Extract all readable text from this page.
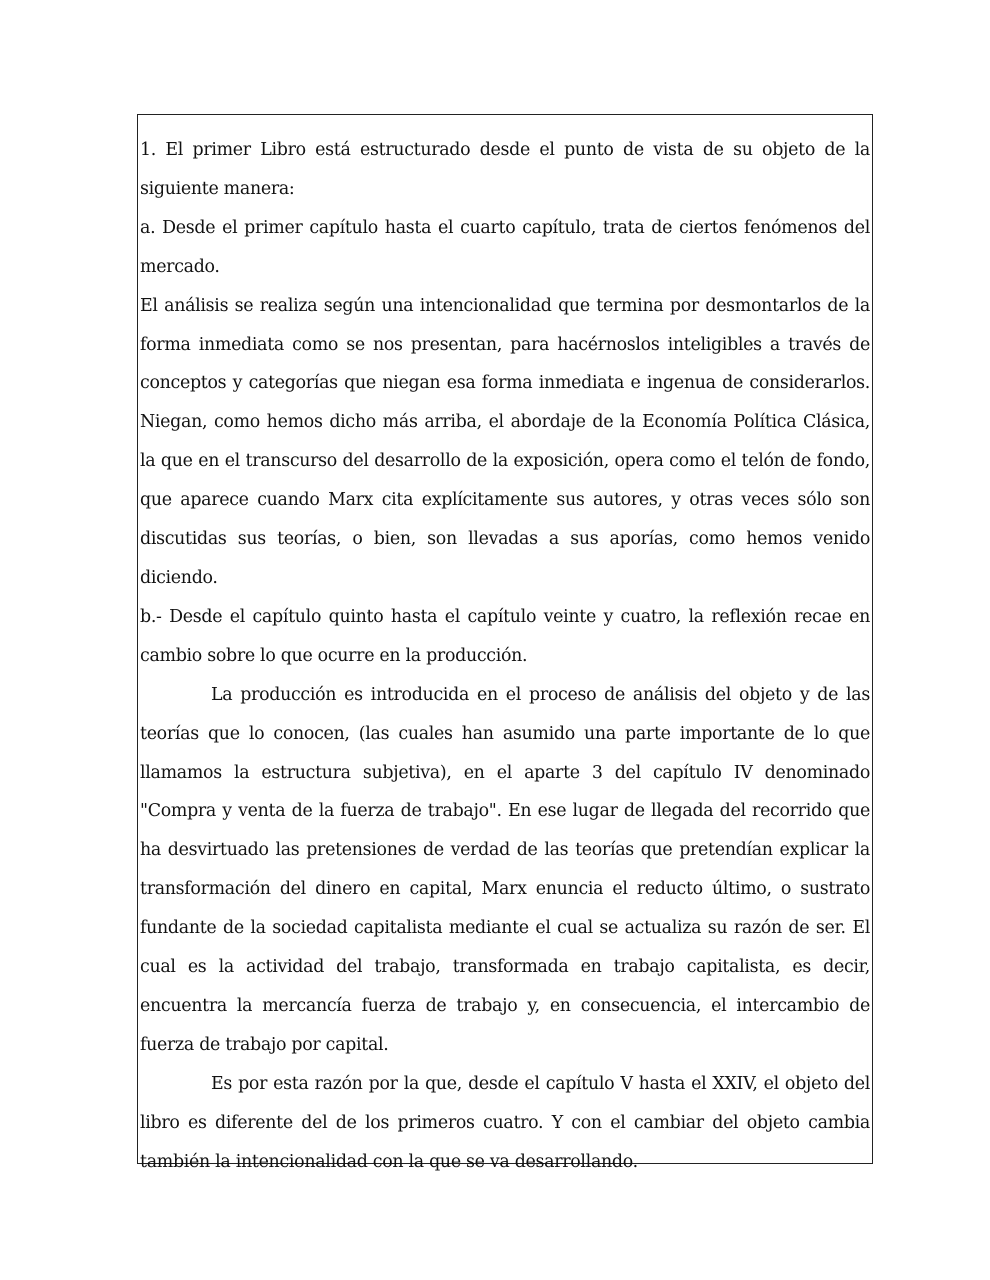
1. El primer Libro está estructurado desde el punto de vista de su objeto de la siguiente manera:

a. Desde el primer capítulo hasta el cuarto capítulo, trata de ciertos fenómenos del mercado.

El análisis se realiza según una intencionalidad que termina por desmontarlos de la forma inmediata como se nos presentan, para hacérnoslos inteligibles a través de conceptos y categorías que niegan esa forma inmediata e ingenua de considerarlos. Niegan, como hemos dicho más arriba, el abordaje de la Economía Política Clásica, la que en el transcurso del desarrollo de la exposición, opera como el telón de fondo, que aparece cuando Marx cita explícitamente sus autores, y otras veces sólo son discutidas sus teorías, o bien, son llevadas a sus aporías, como hemos venido diciendo.

b.- Desde el capítulo quinto hasta el capítulo veinte y cuatro, la reflexión recae en cambio sobre lo que ocurre en la producción.

La producción es introducida en el proceso de análisis del objeto y de las teorías que lo conocen, (las cuales han asumido una parte importante de lo que llamamos la estructura subjetiva), en el aparte 3 del capítulo IV denominado "Compra y venta de la fuerza de trabajo". En ese lugar de llegada del recorrido que ha desvirtuado las pretensiones de verdad de las teorías que pretendían explicar la transformación del dinero en capital, Marx enuncia el reducto último, o sustrato fundante de la sociedad capitalista mediante el cual se actualiza su razón de ser. El cual es la actividad del trabajo, transformada en trabajo capitalista, es decir, encuentra la mercancía fuerza de trabajo y, en consecuencia, el intercambio de fuerza de trabajo por capital.

Es por esta razón por la que, desde el capítulo V hasta el XXIV, el objeto del libro es diferente del de los primeros cuatro. Y con el cambiar del objeto cambia también la intencionalidad con la que se va desarrollando.
